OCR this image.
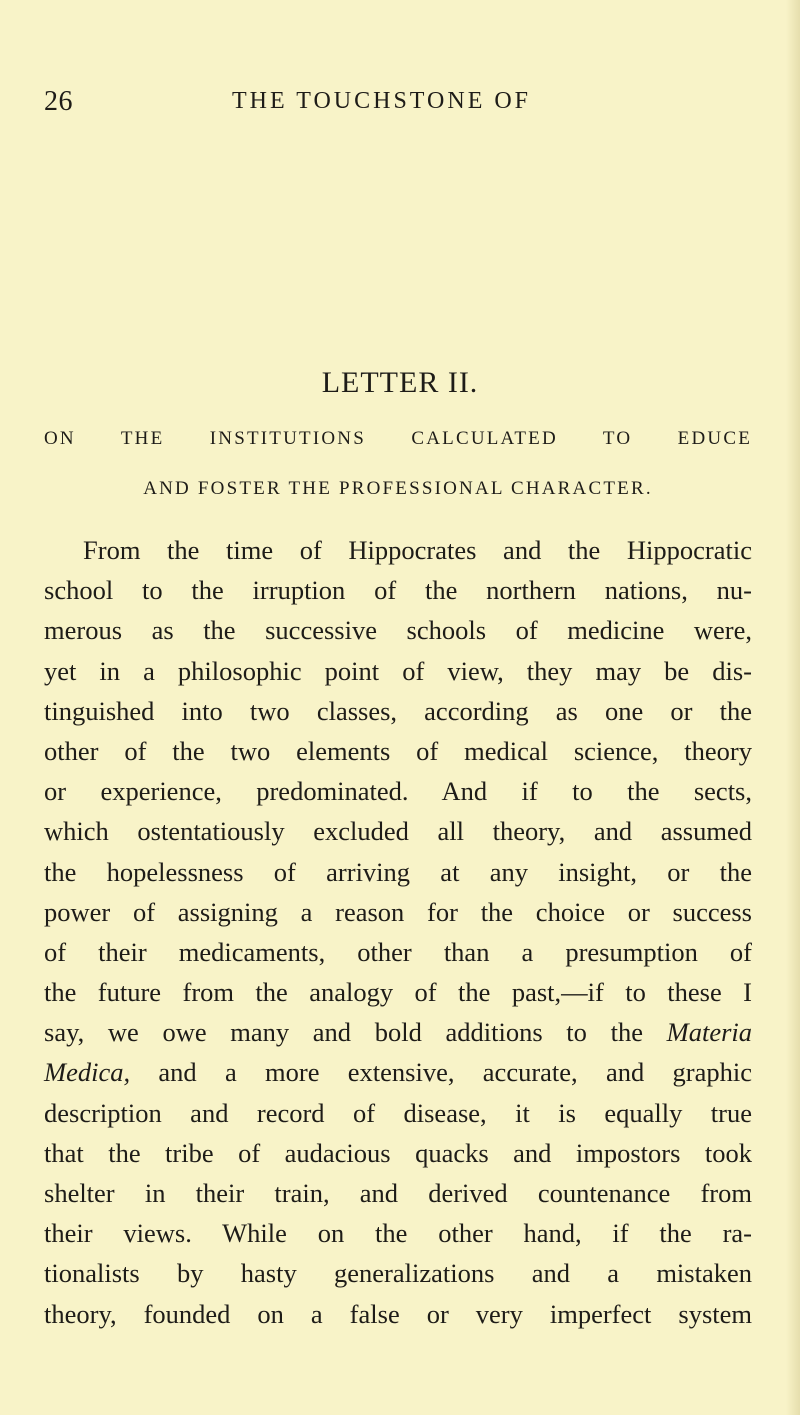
26	THE TOUCHSTONE OF
LETTER II.
ON THE INSTITUTIONS CALCULATED TO EDUCE
AND FOSTER THE PROFESSIONAL CHARACTER.
From the time of Hippocrates and the Hippocratic
school to the irruption of the northern nations, nu-
merous as the successive schools of medicine were,
yet in a philosophic point of view, they may be dis-
tinguished into two classes, according as one or the
other of the two elements of medical science, theory
or experience, predominated. And if to the sects,
which ostentatiously excluded all theory, and assumed
the hopelessness of arriving at any insight, or the
power of assigning a reason for the choice or success
of their medicaments, other than a presumption of
the future from the analogy of the past,—if to these I
say, we owe many and bold additions to the Materia
Medica, and a more extensive, accurate, and graphic
description and record of disease, it is equally true
that the tribe of audacious quacks and impostors took
shelter in their train, and derived countenance from
their views. While on the other hand, if the ra-
tionalists by hasty generalizations and a mistaken
theory, founded on a false or very imperfect system
